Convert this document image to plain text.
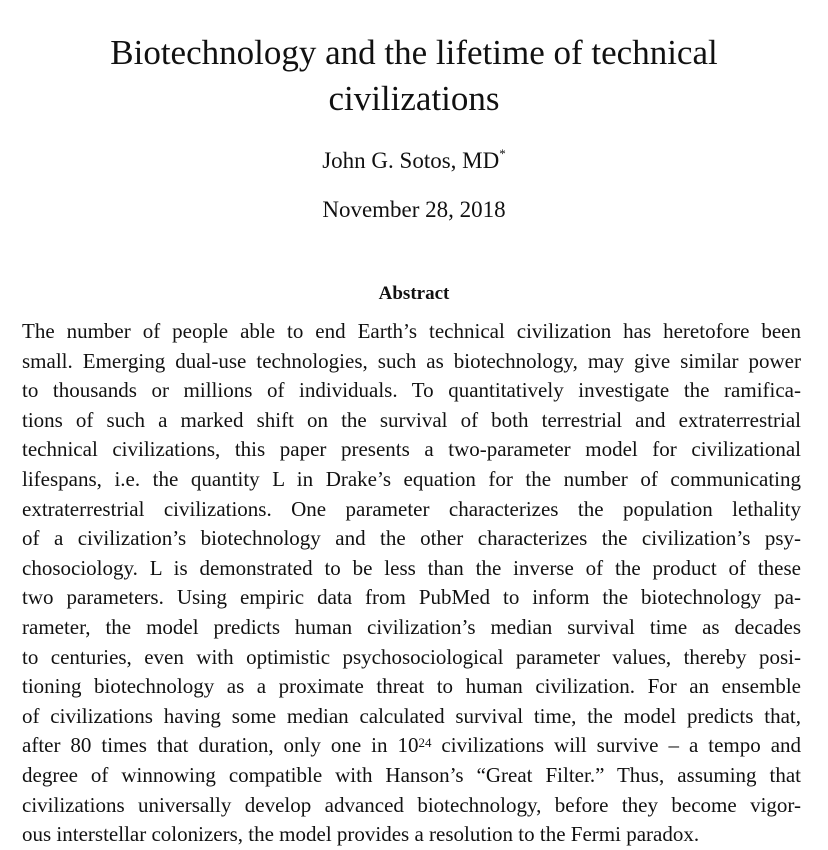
Biotechnology and the lifetime of technical
civilizations
John G. Sotos, MD*
November 28, 2018
Abstract
The number of people able to end Earth’s technical civilization has heretofore been
small. Emerging dual-use technologies, such as biotechnology, may give similar power
to thousands or millions of individuals. To quantitatively investigate the ramifica-
tions of such a marked shift on the survival of both terrestrial and extraterrestrial
technical civilizations, this paper presents a two-parameter model for civilizational
lifespans, i.e. the quantity L in Drake’s equation for the number of communicating
extraterrestrial civilizations. One parameter characterizes the population lethality
of a civilization’s biotechnology and the other characterizes the civilization’s psy-
chosociology. L is demonstrated to be less than the inverse of the product of these
two parameters. Using empiric data from PubMed to inform the biotechnology pa-
rameter, the model predicts human civilization’s median survival time as decades
to centuries, even with optimistic psychosociological parameter values, thereby posi-
tioning biotechnology as a proximate threat to human civilization. For an ensemble
of civilizations having some median calculated survival time, the model predicts that,
after 80 times that duration, only one in $10^{24}$ civilizations will survive – a tempo and
degree of winnowing compatible with Hanson’s “Great Filter.” Thus, assuming that
civilizations universally develop advanced biotechnology, before they become vigor-
ous interstellar colonizers, the model provides a resolution to the Fermi paradox.
